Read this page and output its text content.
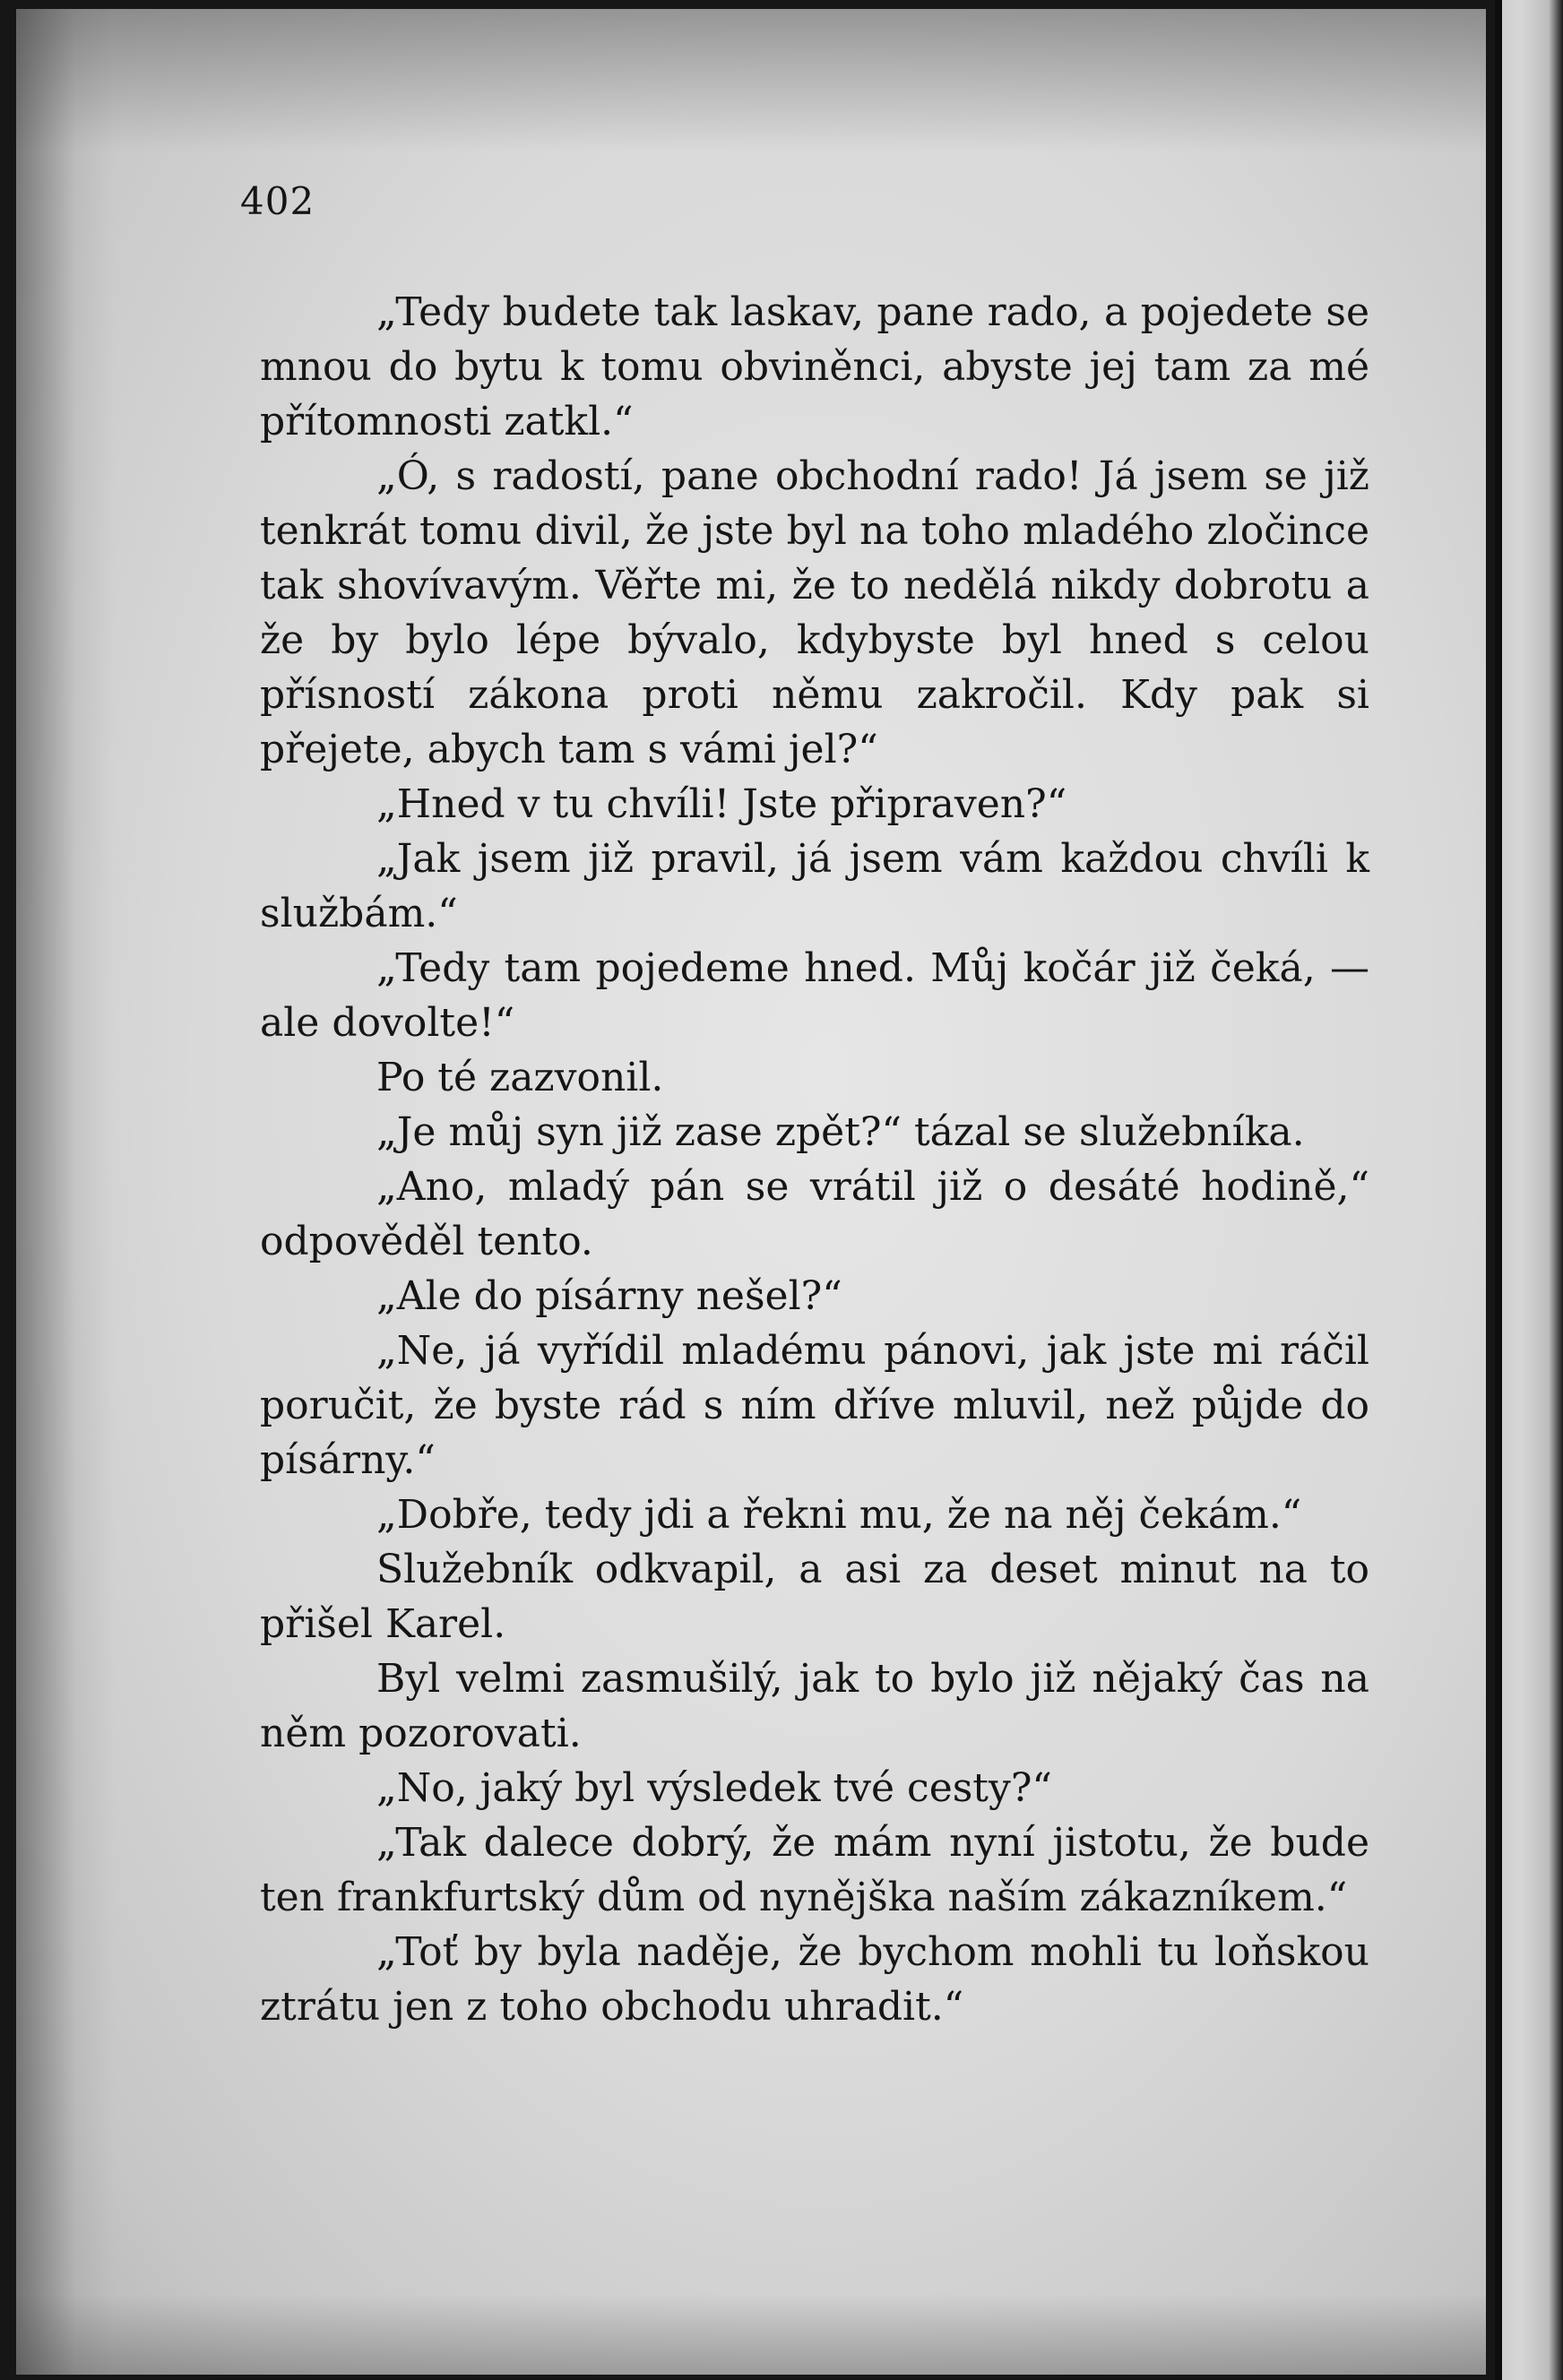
402

„Tedy budete tak laskav, pane rado, a pojedete se mnou do bytu k tomu obviněnci, abyste jej tam za mé přítomnosti zatkl.“

„Ó, s radostí, pane obchodní rado! Já jsem se již tenkrát tomu divil, že jste byl na toho mladého zločince tak shovívavým. Věřte mi, že to nedělá nikdy dobrotu a že by bylo lépe bývalo, kdybyste byl hned s celou přísností zákona proti němu zakročil. Kdy pak si přejete, abych tam s vámi jel?“

„Hned v tu chvíli! Jste připraven?“

„Jak jsem již pravil, já jsem vám každou chvíli k službám.“

„Tedy tam pojedeme hned. Můj kočár již čeká, — ale dovolte!“

Po té zazvonil.

„Je můj syn již zase zpět?“ tázal se služebníka.

„Ano, mladý pán se vrátil již o desáté hodině,“ odpověděl tento.

„Ale do písárny nešel?“

„Ne, já vyřídil mladému pánovi, jak jste mi ráčil poručit, že byste rád s ním dříve mluvil, než půjde do písárny.“

„Dobře, tedy jdi a řekni mu, že na něj čekám.“

Služebník odkvapil, a asi za deset minut na to přišel Karel.

Byl velmi zasmušilý, jak to bylo již nějaký čas na něm pozorovati.

„No, jaký byl výsledek tvé cesty?“

„Tak dalece dobrý, že mám nyní jistotu, že bude ten frankfurtský dům od nynějška naším zákazníkem.“

„Toť by byla naděje, že bychom mohli tu loňskou ztrátu jen z toho obchodu uhradit.“
